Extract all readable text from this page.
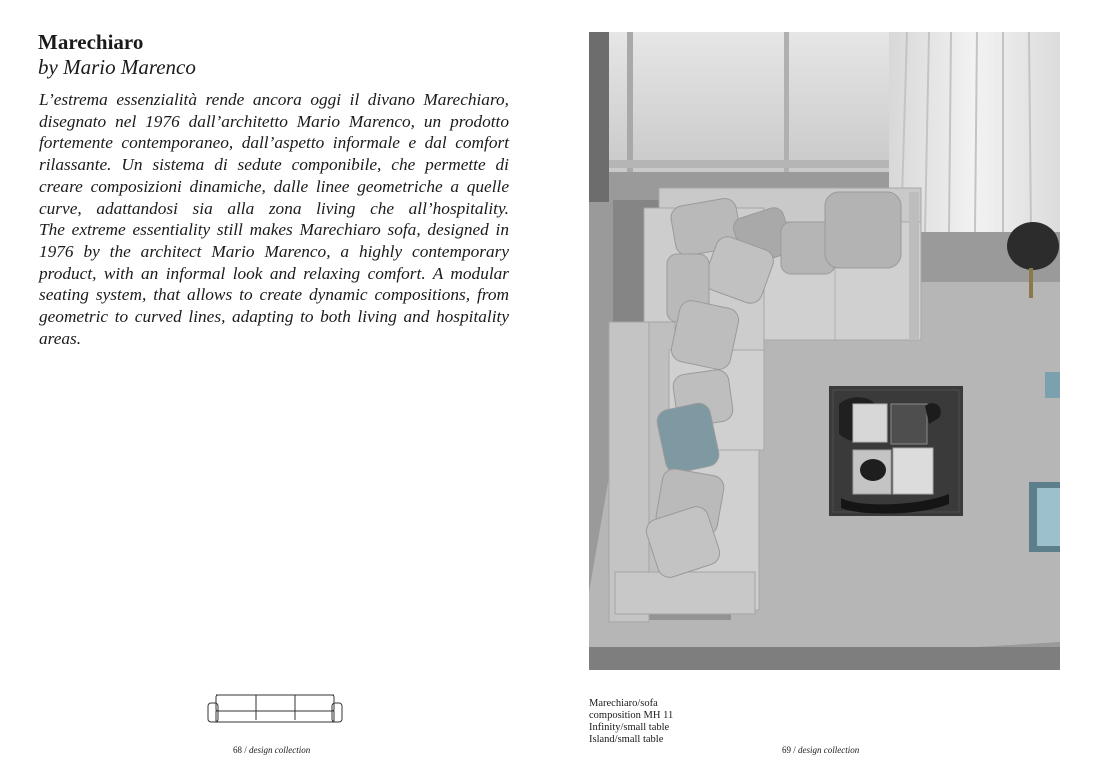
Marechiaro
by Mario Marenco

L’estrema essenzialità rende ancora oggi il divano Marechiaro, disegnato nel 1976 dall’architetto Mario Marenco, un prodotto fortemente contemporaneo, dall’aspetto informale e dal comfort rilassante. Un sistema di sedute componibile, che permette di creare composizioni dinamiche, dalle linee geometriche a quelle curve, adattandosi sia alla zona living che all’hospitality.

The extreme essentiality still makes Marechiaro sofa, designed in 1976 by the architect Mario Marenco, a highly contemporary product, with an informal look and relaxing comfort. A modular seating system, that allows to create dynamic compositions, from geometric to curved lines, adapting to both living and hospitality areas.

68 / design collection
Marechiaro/sofa
composition MH 11
Infinity/small table
Island/small table
69 / design collection
